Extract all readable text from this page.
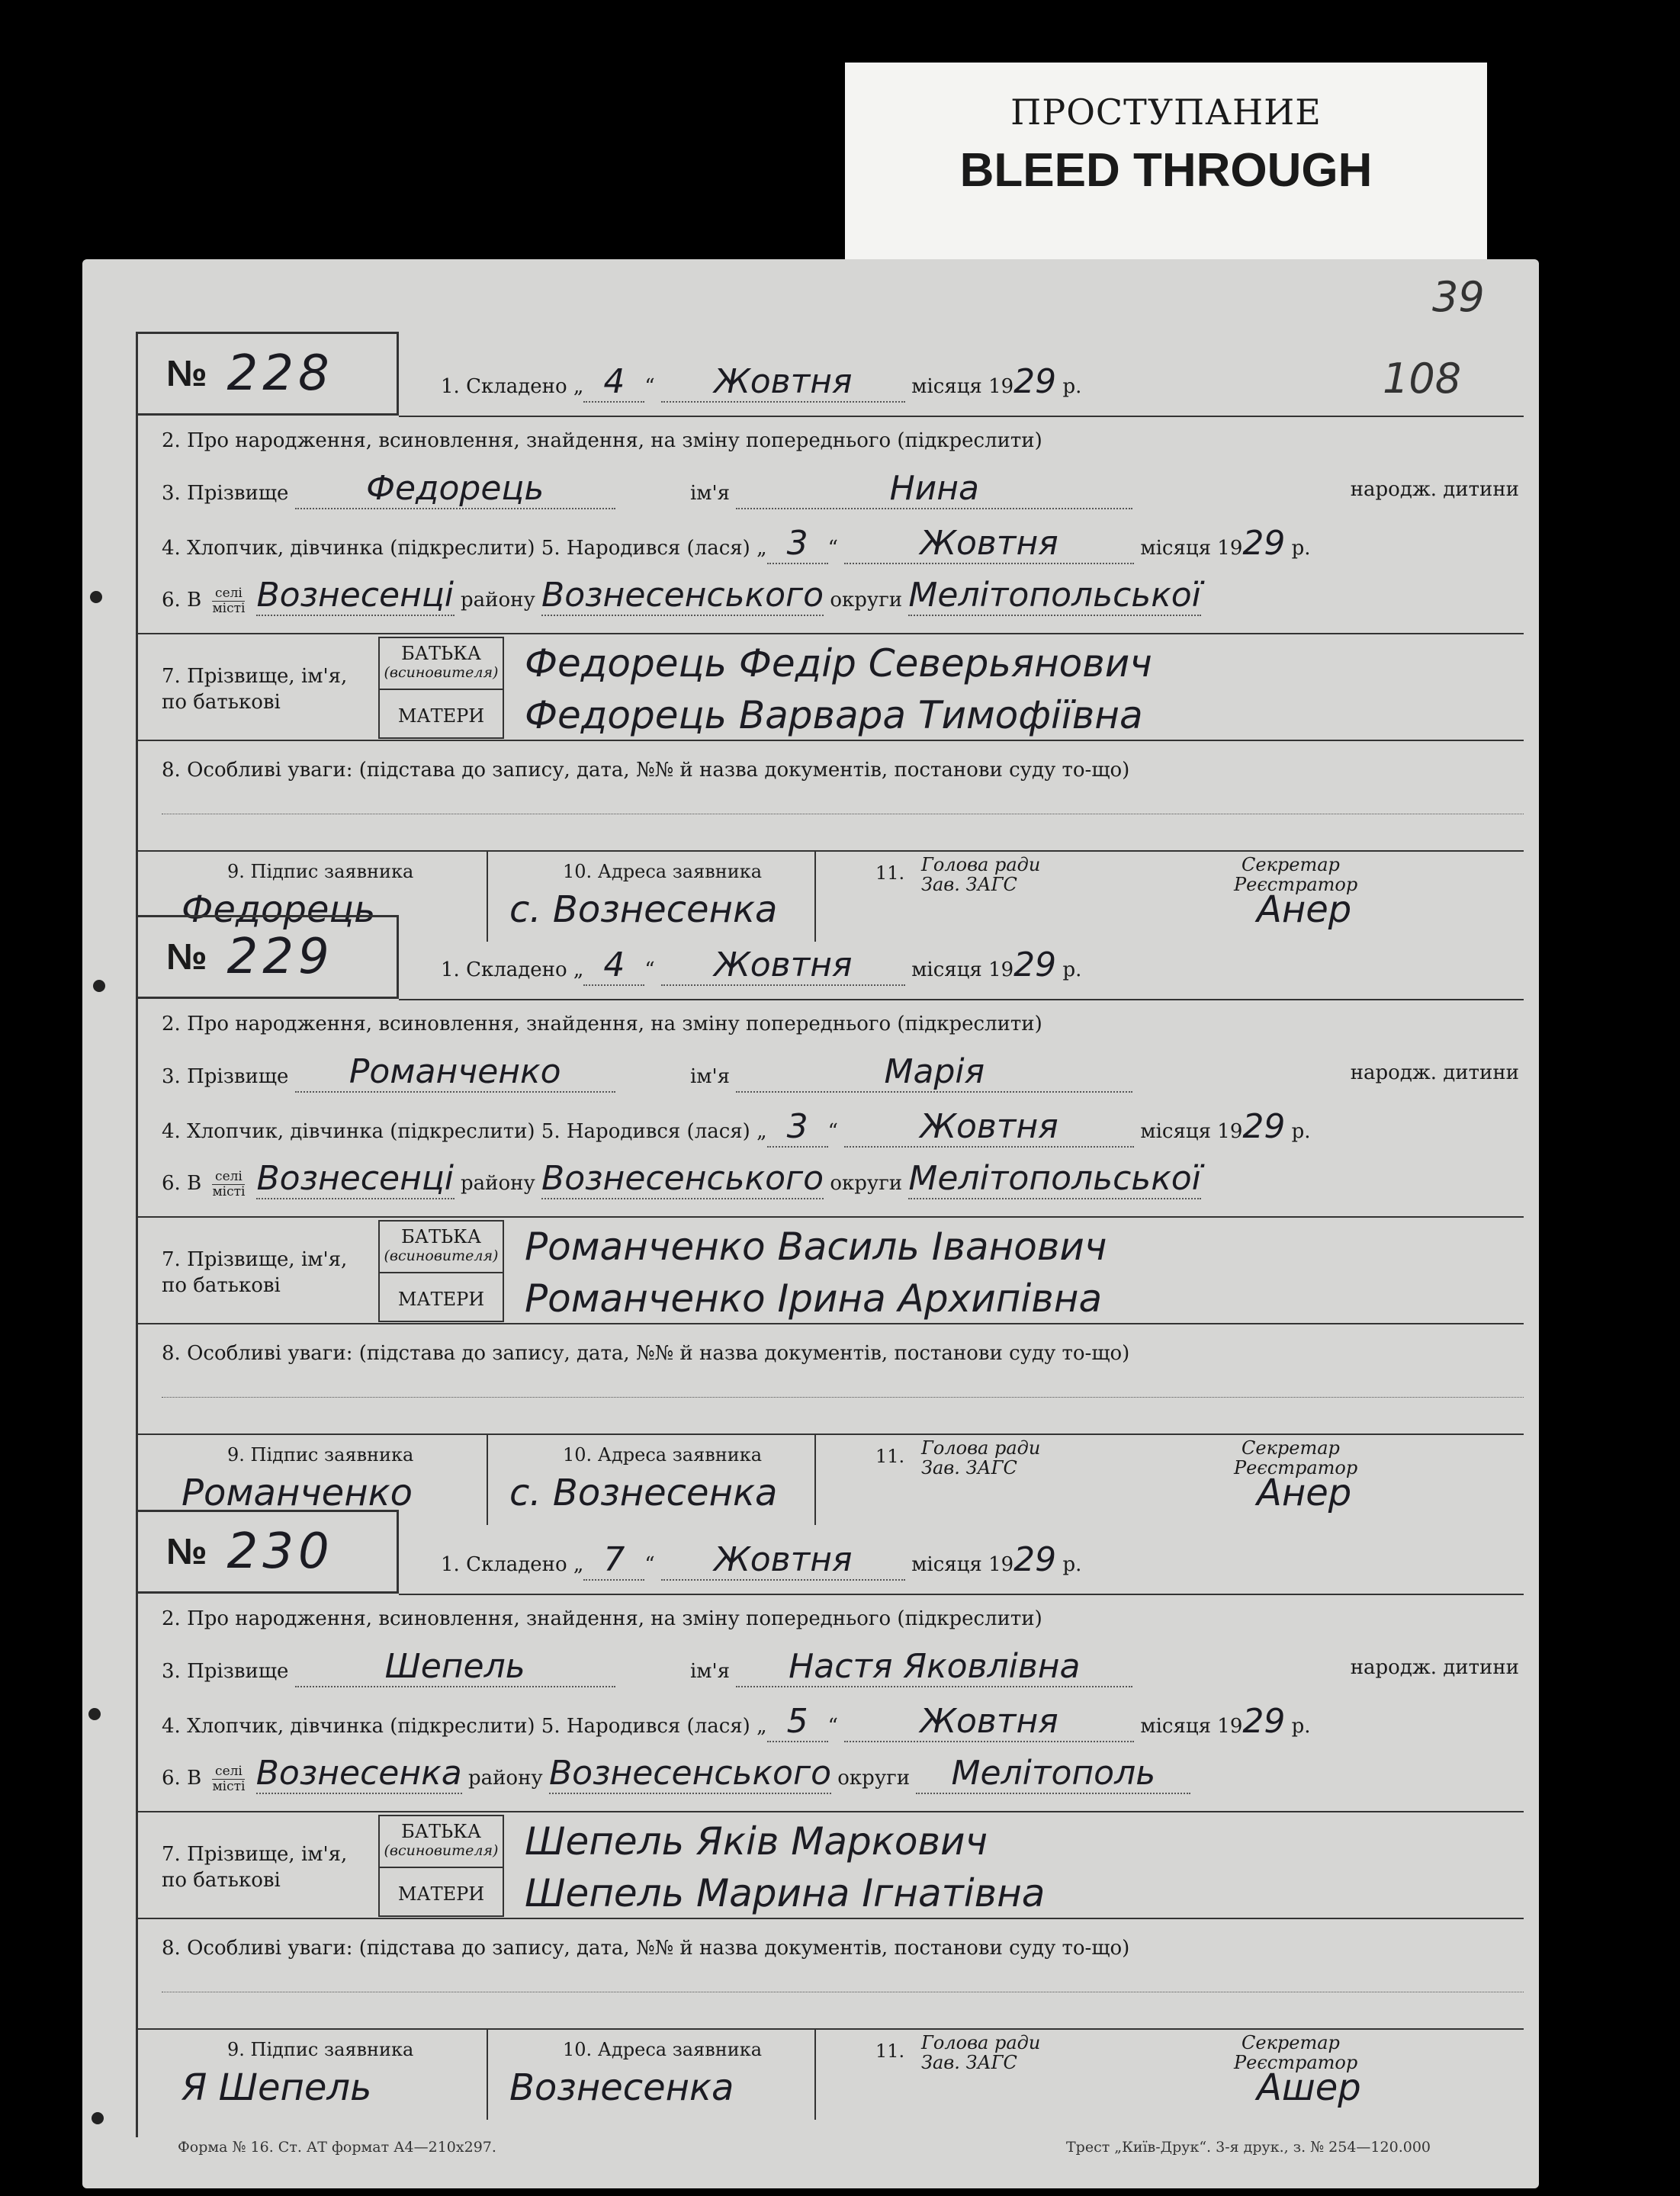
ПРОСТУПАНИЕ
BLEED THROUGH
39
108
№ 228	1. Складено „ 4 “ Жовтня	місяця 1929 р.
2. Про народження, всиновлення, знайдення, на зміну попереднього (підкреслити)
3. Прізвище Федорець	ім'я	Нина	народж. дитини
4. Хлопчик, дівчинка (підкреслити) 5. Народився (лася) „ 3 “ Жовтня	місяця 1929 р.
6. В $\frac{\text{селі}}{\text{місті}}$ Вознесенці району Вознесенського округи Мелітопольської
7. Прізвище, ім'я,
по батькові
БАТЬКА
(всиновителя)
МАТЕРИ
Федорець Федір Северьянович
Федорець Варвара Тимофіївна
8. Особливі уваги: (підстава до запису, дата, №№ й назва документів, постанови суду то-що)
9. Підпис заявника	10. Адреса заявника	11. Голова ради
Зав. ЗАГС
Секретар
Реєстратор
Федорець	с. Вознесенка	Анер
№ 229	1. Складено „ 4 “ Жовтня	місяця 1929 р.
2. Про народження, всиновлення, знайдення, на зміну попереднього (підкреслити)
3. Прізвище Романченко	ім'я	Марія	народж. дитини
4. Хлопчик, дівчинка (підкреслити) 5. Народився (лася) „ 3 “ Жовтня	місяця 1929 р.
6. В $\frac{\text{селі}}{\text{місті}}$ Вознесенці району Вознесенського округи Мелітопольської
7. Прізвище, ім'я,
по батькові
БАТЬКА
(всиновителя)
МАТЕРИ
Романченко Василь Іванович
Романченко Ірина Архипівна
8. Особливі уваги: (підстава до запису, дата, №№ й назва документів, постанови суду то-що)
9. Підпис заявника	10. Адреса заявника	11. Голова ради
Зав. ЗАГС
Секретар
Реєстратор
Романченко	с. Вознесенка	Анер
№ 230	1. Складено „ 7 “ Жовтня	місяця 1929 р.
2. Про народження, всиновлення, знайдення, на зміну попереднього (підкреслити)
3. Прізвище	Шепель	ім'я Настя Яковлівна	народж. дитини
4. Хлопчик, дівчинка (підкреслити) 5. Народився (лася) „ 5 “ Жовтня	місяця 1929 р.
6. В $\frac{\text{селі}}{\text{місті}}$ Вознесенка району Вознесенського округи Мелітополь
7. Прізвище, ім'я,
по батькові
БАТЬКА
(всиновителя)
МАТЕРИ
Шепель Яків Маркович
Шепель Марина Ігнатівна
8. Особливі уваги: (підстава до запису, дата, №№ й назва документів, постанови суду то-що)
9. Підпис заявника	10. Адреса заявника	11. Голова ради
Зав. ЗАГС
Секретар
Реєстратор
Я Шепель	Вознесенка	Ашер
Форма № 16. Ст. АТ формат А4—210х297.	Трест „Київ-Друк“. 3-я друк., з. № 254—120.000
